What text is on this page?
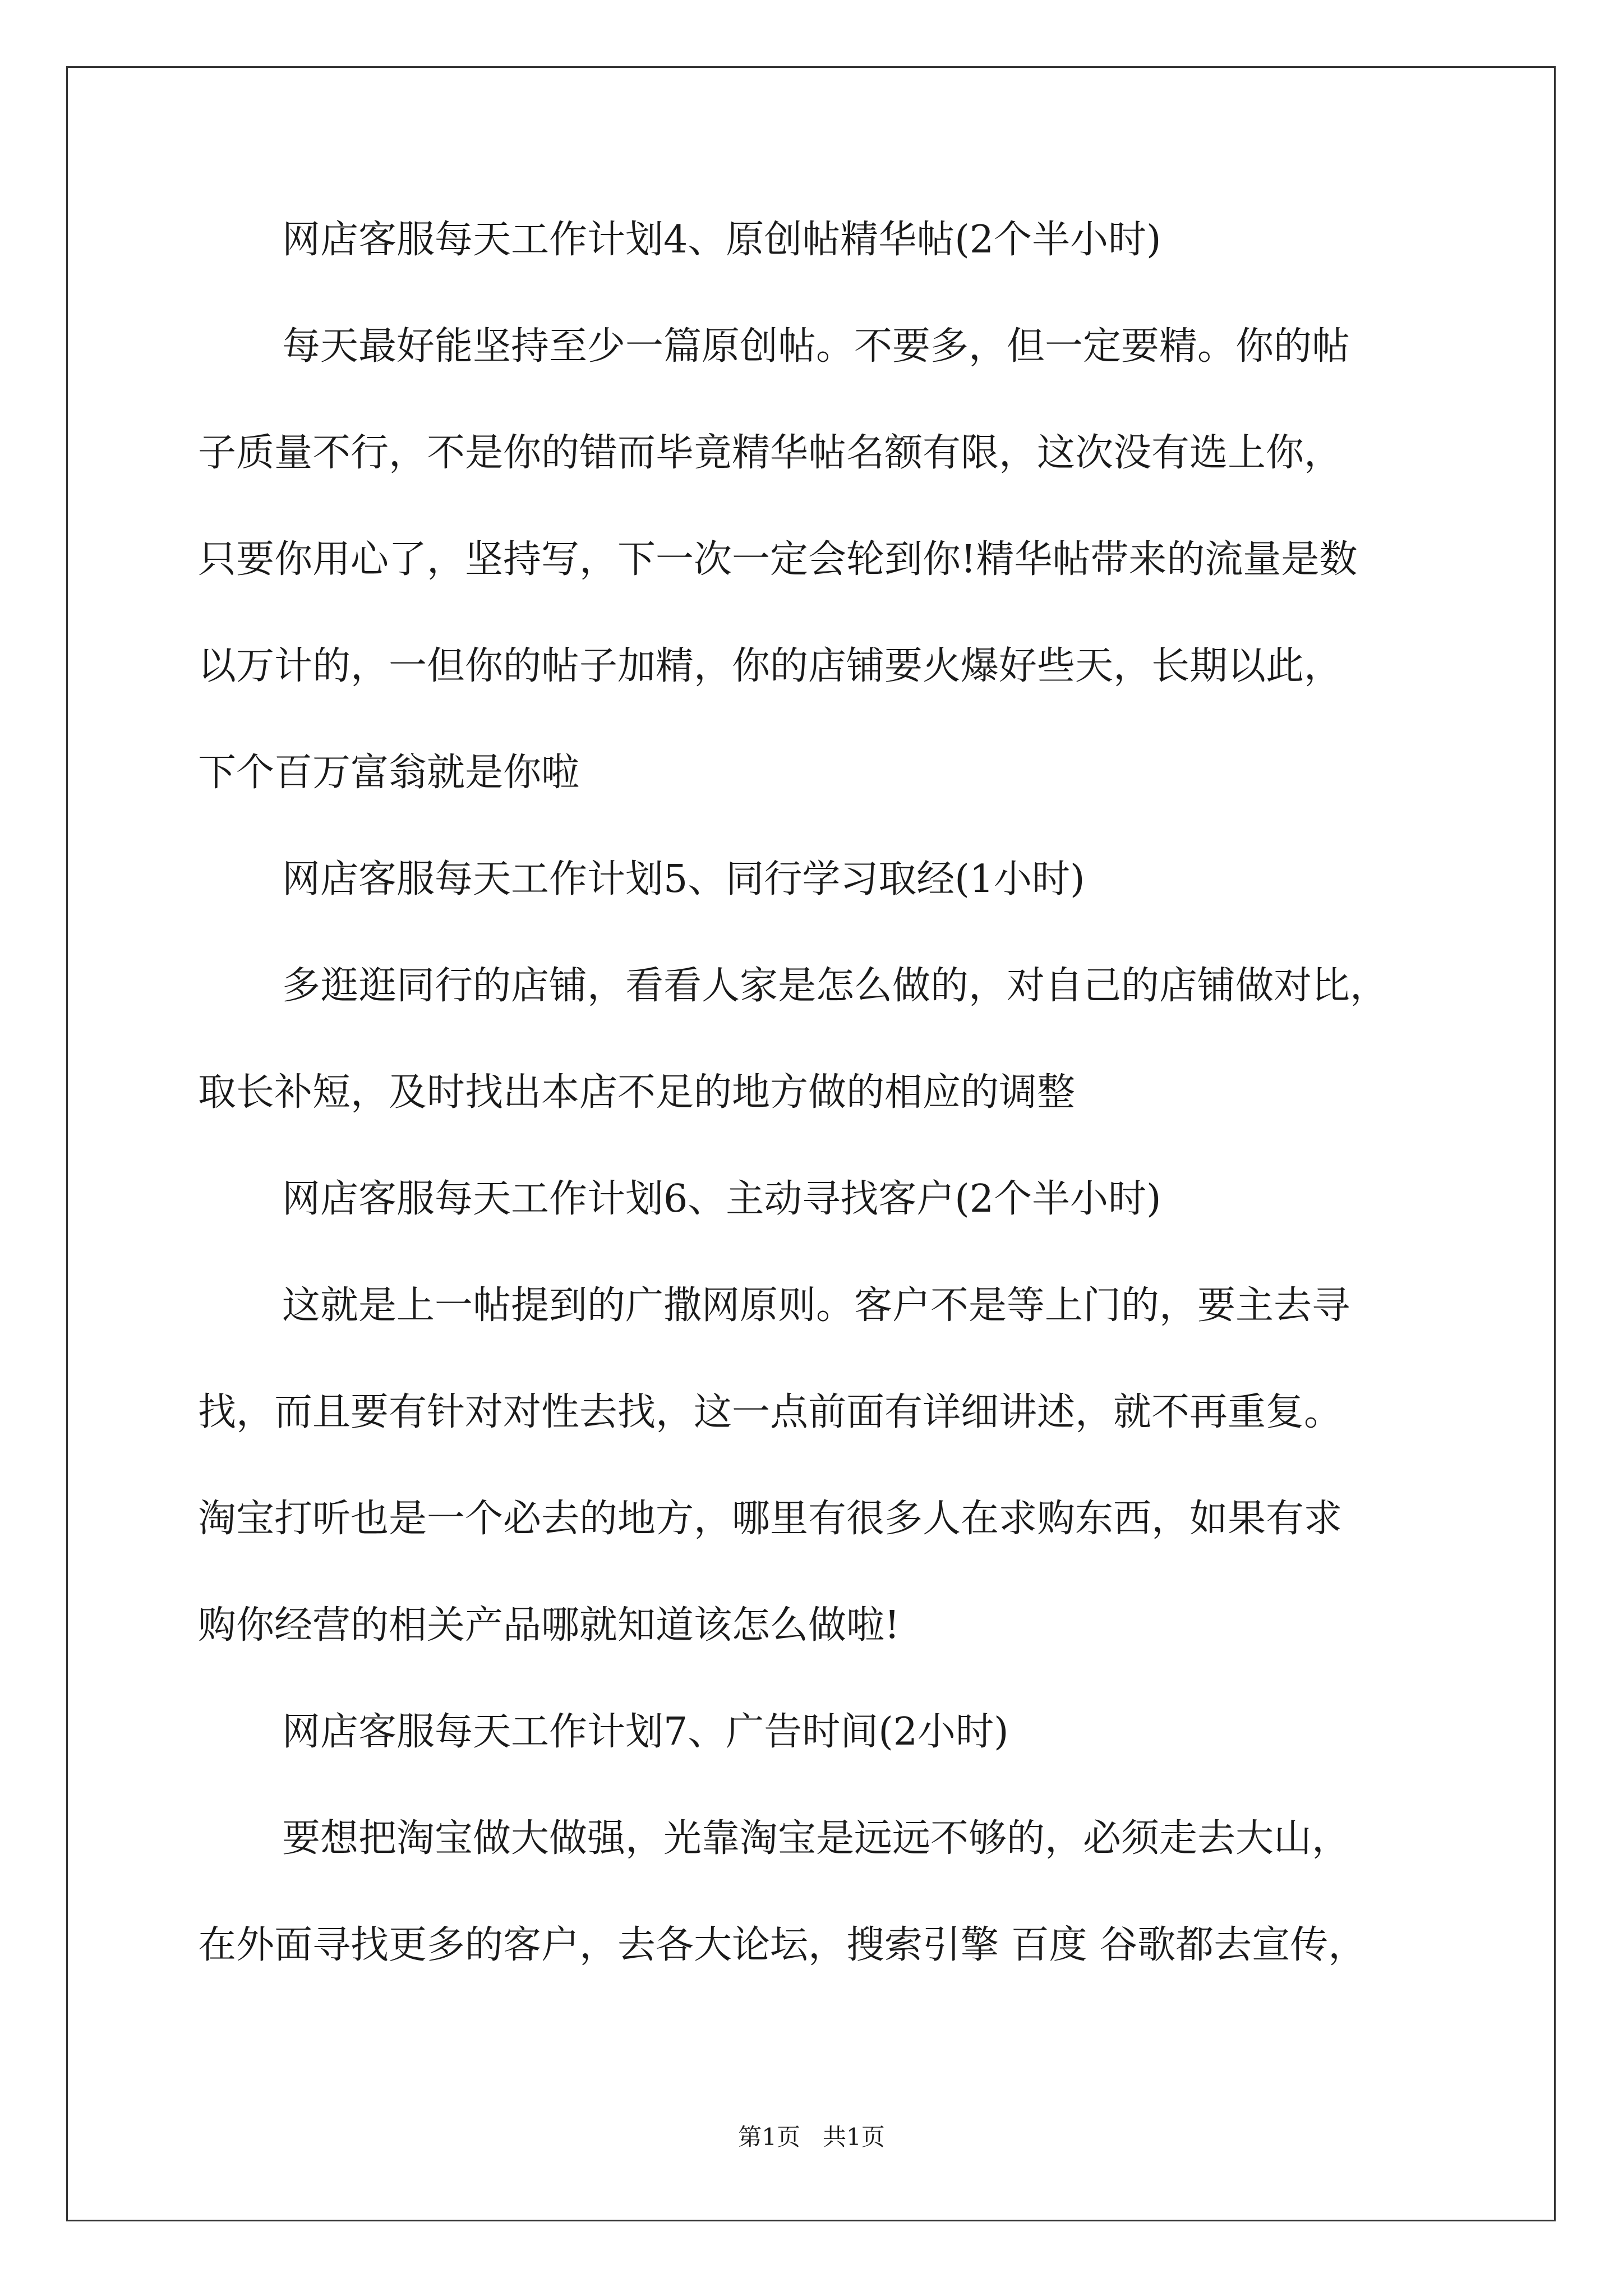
网店客服每天工作计划4、原创帖精华帖(2个半小时)
每天最好能坚持至少一篇原创帖。不要多，但一定要精。你的帖
子质量不行，不是你的错而毕竟精华帖名额有限，这次没有选上你，
只要你用心了，坚持写，下一次一定会轮到你!精华帖带来的流量是数
以万计的，一但你的帖子加精，你的店铺要火爆好些天，长期以此，
下个百万富翁就是你啦
网店客服每天工作计划5、同行学习取经(1小时)
多逛逛同行的店铺，看看人家是怎么做的，对自己的店铺做对比，
取长补短，及时找出本店不足的地方做的相应的调整
网店客服每天工作计划6、主动寻找客户(2个半小时)
这就是上一帖提到的广撒网原则。客户不是等上门的，要主去寻
找，而且要有针对对性去找，这一点前面有详细讲述，就不再重复。
淘宝打听也是一个必去的地方，哪里有很多人在求购东西，如果有求
购你经营的相关产品哪就知道该怎么做啦!
网店客服每天工作计划7、广告时间(2小时)
要想把淘宝做大做强，光靠淘宝是远远不够的，必须走去大山，
在外面寻找更多的客户，去各大论坛，搜索引擎 百度 谷歌都去宣传，
第1页   共1页
